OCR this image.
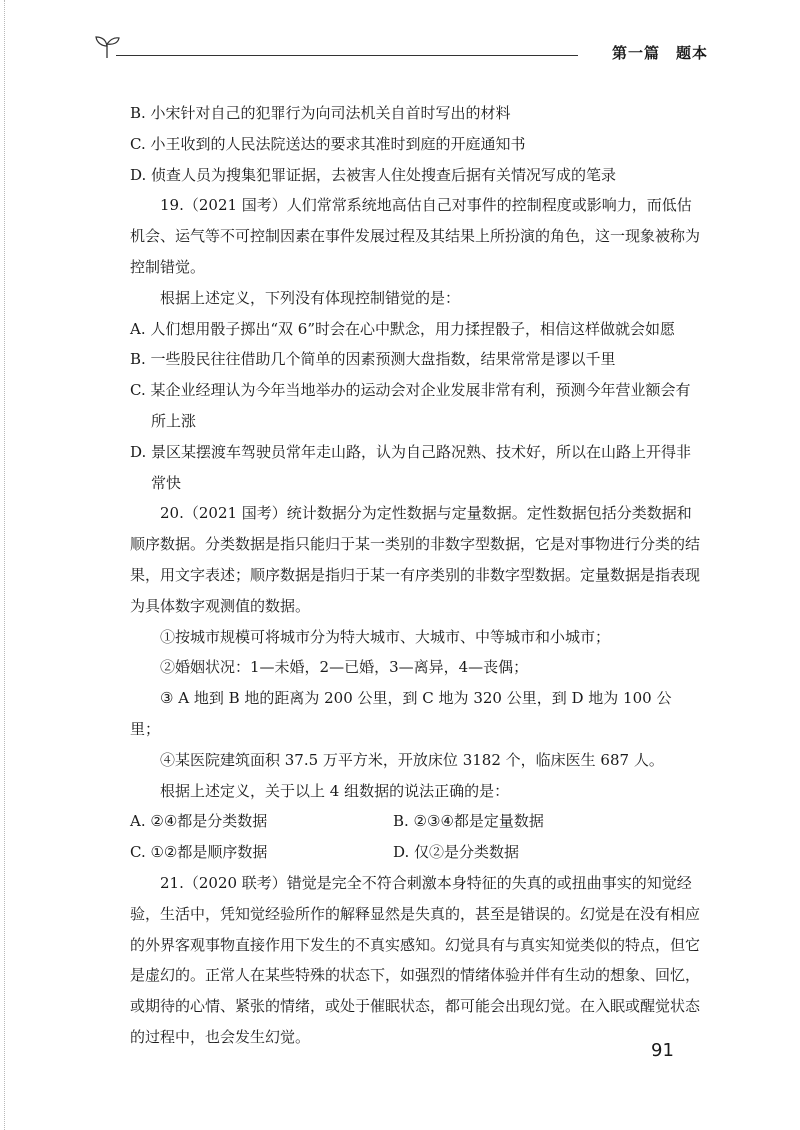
第一篇　题本

B. 小宋针对自己的犯罪行为向司法机关自首时写出的材料

C. 小王收到的人民法院送达的要求其准时到庭的开庭通知书

D. 侦查人员为搜集犯罪证据，去被害人住处搜查后据有关情况写成的笔录

19.（2021 国考）人们常常系统地高估自己对事件的控制程度或影响力，而低估机会、运气等不可控制因素在事件发展过程及其结果上所扮演的角色，这一现象被称为控制错觉。

根据上述定义，下列没有体现控制错觉的是：

A. 人们想用骰子掷出“双 6”时会在心中默念，用力揉捏骰子，相信这样做就会如愿

B. 一些股民往往借助几个简单的因素预测大盘指数，结果常常是谬以千里

C. 某企业经理认为今年当地举办的运动会对企业发展非常有利，预测今年营业额会有所上涨

D. 景区某摆渡车驾驶员常年走山路，认为自己路况熟、技术好，所以在山路上开得非常快

20.（2021 国考）统计数据分为定性数据与定量数据。定性数据包括分类数据和顺序数据。分类数据是指只能归于某一类别的非数字型数据，它是对事物进行分类的结果，用文字表述；顺序数据是指归于某一有序类别的非数字型数据。定量数据是指表现为具体数字观测值的数据。

①按城市规模可将城市分为特大城市、大城市、中等城市和小城市；

②婚姻状况：1—未婚，2—已婚，3—离异，4—丧偶；

③ A 地到 B 地的距离为 200 公里，到 C 地为 320 公里，到 D 地为 100 公里；

④某医院建筑面积 37.5 万平方米，开放床位 3182 个，临床医生 687 人。

根据上述定义，关于以上 4 组数据的说法正确的是：

A. ②④都是分类数据	B. ②③④都是定量数据
C. ①②都是顺序数据	D. 仅②是分类数据

21.（2020 联考）错觉是完全不符合刺激本身特征的失真的或扭曲事实的知觉经验，生活中，凭知觉经验所作的解释显然是失真的，甚至是错误的。幻觉是在没有相应的外界客观事物直接作用下发生的不真实感知。幻觉具有与真实知觉类似的特点，但它是虚幻的。正常人在某些特殊的状态下，如强烈的情绪体验并伴有生动的想象、回忆，或期待的心情、紧张的情绪，或处于催眠状态，都可能会出现幻觉。在入眠或醒觉状态的过程中，也会发生幻觉。

91
